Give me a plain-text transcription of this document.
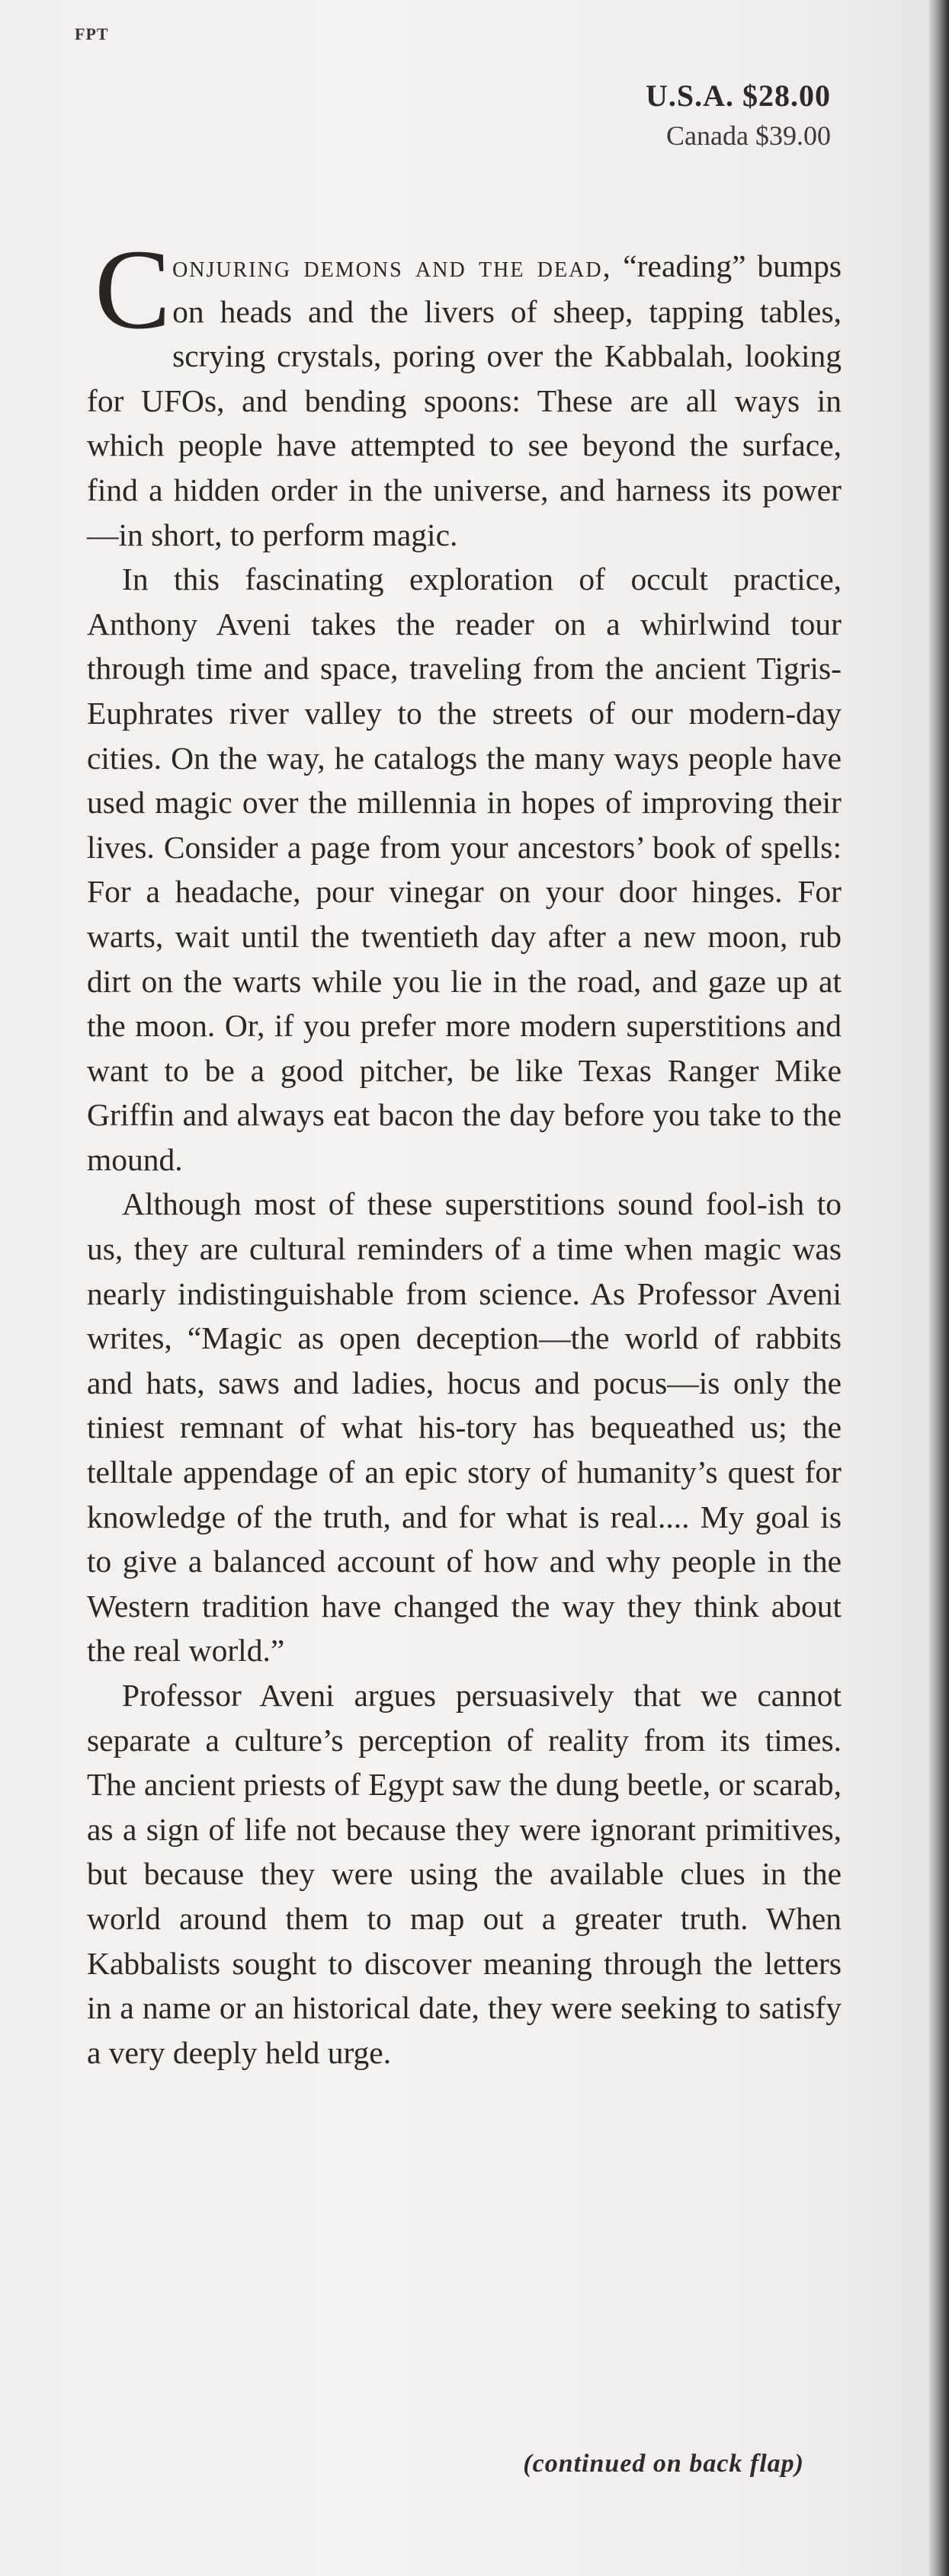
FPT
U.S.A. $28.00
Canada $39.00

Conjuring demons and the dead, “reading” bumps on heads and the livers of sheep, tapping tables, scrying crystals, poring over the Kabbalah, looking for UFOs, and bending spoons: These are all ways in which people have attempted to see beyond the surface, find a hidden order in the universe, and harness its power—in short, to perform magic.

In this fascinating exploration of occult practice, Anthony Aveni takes the reader on a whirlwind tour through time and space, traveling from the ancient Tigris-Euphrates river valley to the streets of our modern-day cities. On the way, he catalogs the many ways people have used magic over the millennia in hopes of improving their lives. Consider a page from your ancestors’ book of spells: For a headache, pour vinegar on your door hinges. For warts, wait until the twentieth day after a new moon, rub dirt on the warts while you lie in the road, and gaze up at the moon. Or, if you prefer more modern superstitions and want to be a good pitcher, be like Texas Ranger Mike Griffin and always eat bacon the day before you take to the mound.

Although most of these superstitions sound fool-ish to us, they are cultural reminders of a time when magic was nearly indistinguishable from science. As Professor Aveni writes, “Magic as open deception—the world of rabbits and hats, saws and ladies, hocus and pocus—is only the tiniest remnant of what his-tory has bequeathed us; the telltale appendage of an epic story of humanity’s quest for knowledge of the truth, and for what is real.... My goal is to give a balanced account of how and why people in the Western tradition have changed the way they think about the real world.”

Professor Aveni argues persuasively that we cannot separate a culture’s perception of reality from its times. The ancient priests of Egypt saw the dung beetle, or scarab, as a sign of life not because they were ignorant primitives, but because they were using the available clues in the world around them to map out a greater truth. When Kabbalists sought to discover meaning through the letters in a name or an historical date, they were seeking to satisfy a very deeply held urge.

(continued on back flap)
